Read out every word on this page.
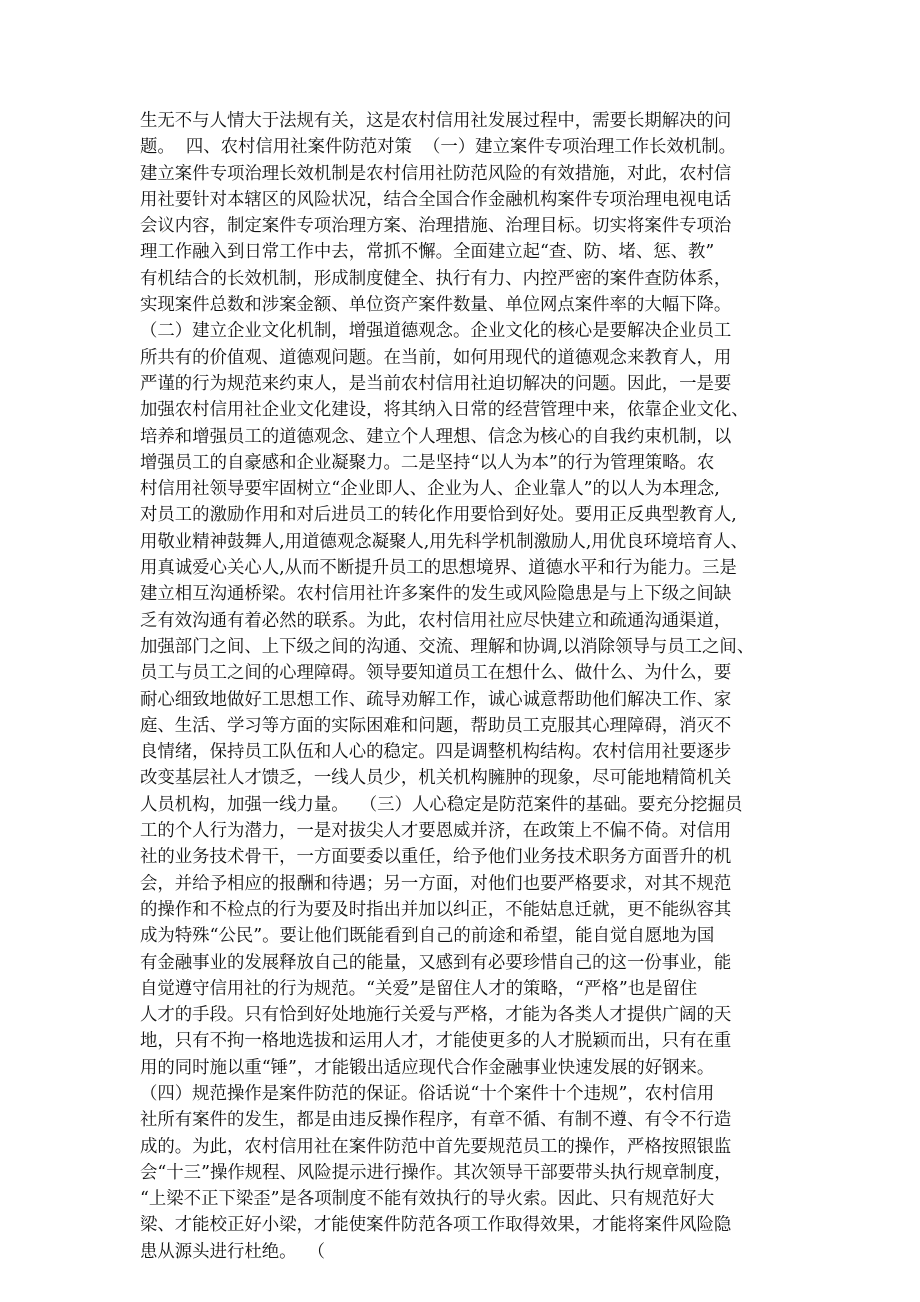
生无不与人情大于法规有关，这是农村信用社发展过程中，需要长期解决的问
题。  四、农村信用社案件防范对策  （一）建立案件专项治理工作长效机制。
建立案件专项治理长效机制是农村信用社防范风险的有效措施，对此，农村信
用社要针对本辖区的风险状况，结合全国合作金融机构案件专项治理电视电话
会议内容，制定案件专项治理方案、治理措施、治理目标。切实将案件专项治
理工作融入到日常工作中去，常抓不懈。全面建立起“查、防、堵、惩、教”
有机结合的长效机制，形成制度健全、执行有力、内控严密的案件查防体系，
实现案件总数和涉案金额、单位资产案件数量、单位网点案件率的大幅下降。
（二）建立企业文化机制，增强道德观念。企业文化的核心是要解决企业员工
所共有的价值观、道德观问题。在当前，如何用现代的道德观念来教育人，用
严谨的行为规范来约束人，是当前农村信用社迫切解决的问题。因此，一是要
加强农村信用社企业文化建设，将其纳入日常的经营管理中来，依靠企业文化、
培养和增强员工的道德观念、建立个人理想、信念为核心的自我约束机制，以
增强员工的自豪感和企业凝聚力。二是坚持“以人为本”的行为管理策略。农
村信用社领导要牢固树立“企业即人、企业为人、企业靠人”的以人为本理念,
对员工的激励作用和对后进员工的转化作用要恰到好处。要用正反典型教育人,
用敬业精神鼓舞人,用道德观念凝聚人,用先科学机制激励人,用优良环境培育人、
用真诚爱心关心人,从而不断提升员工的思想境界、道德水平和行为能力。三是
建立相互沟通桥梁。农村信用社许多案件的发生或风险隐患是与上下级之间缺
乏有效沟通有着必然的联系。为此，农村信用社应尽快建立和疏通沟通渠道，
加强部门之间、上下级之间的沟通、交流、理解和协调,以消除领导与员工之间、
员工与员工之间的心理障碍。领导要知道员工在想什么、做什么、为什么，要
耐心细致地做好工思想工作、疏导劝解工作，诚心诚意帮助他们解决工作、家
庭、生活、学习等方面的实际困难和问题，帮助员工克服其心理障碍，消灭不
良情绪，保持员工队伍和人心的稳定。四是调整机构结构。农村信用社要逐步
改变基层社人才馈乏，一线人员少，机关机构臃肿的现象，尽可能地精简机关
人员机构，加强一线力量。  （三）人心稳定是防范案件的基础。要充分挖掘员
工的个人行为潜力，一是对拔尖人才要恩威并济，在政策上不偏不倚。对信用
社的业务技术骨干，一方面要委以重任，给予他们业务技术职务方面晋升的机
会，并给予相应的报酬和待遇；另一方面，对他们也要严格要求，对其不规范
的操作和不检点的行为要及时指出并加以纠正，不能姑息迁就，更不能纵容其
成为特殊“公民”。要让他们既能看到自己的前途和希望，能自觉自愿地为国
有金融事业的发展释放自己的能量，又感到有必要珍惜自己的这一份事业，能
自觉遵守信用社的行为规范。“关爱”是留住人才的策略，“严格”也是留住
人才的手段。只有恰到好处地施行关爱与严格，才能为各类人才提供广阔的天
地，只有不拘一格地选拔和运用人才，才能使更多的人才脱颖而出，只有在重
用的同时施以重“锤”，才能锻出适应现代合作金融事业快速发展的好钢来。
（四）规范操作是案件防范的保证。俗话说“十个案件十个违规”，农村信用
社所有案件的发生，都是由违反操作程序，有章不循、有制不遵、有令不行造
成的。为此，农村信用社在案件防范中首先要规范员工的操作，严格按照银监
会“十三”操作规程、风险提示进行操作。其次领导干部要带头执行规章制度，
“上梁不正下梁歪”是各项制度不能有效执行的导火索。因此、只有规范好大
梁、才能校正好小梁，才能使案件防范各项工作取得效果，才能将案件风险隐
患从源头进行杜绝。  （
